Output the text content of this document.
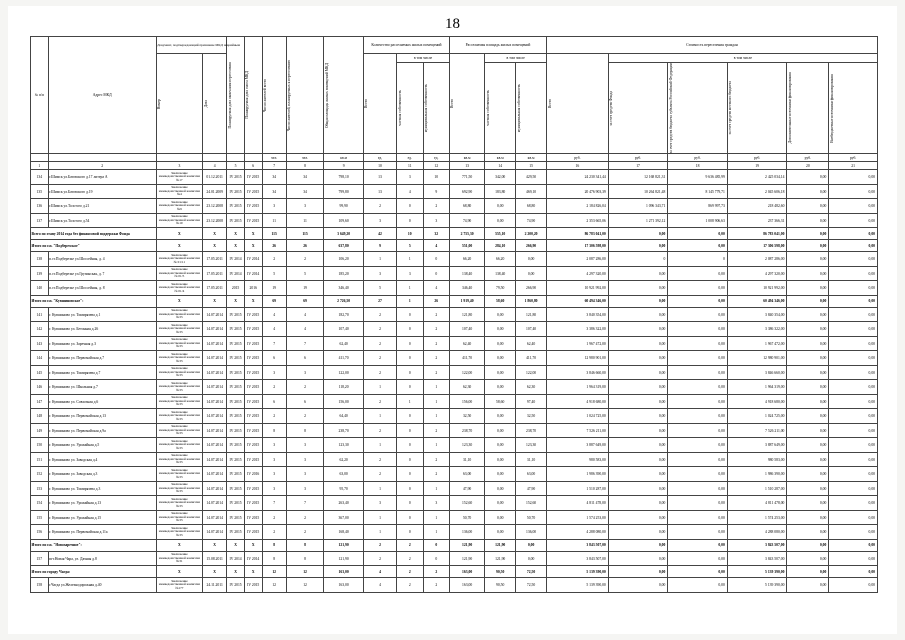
18
№ п/п	Адрес МКД	Документ, подтверждающий признание МКД аварийным		Планируемая дата окончания переселения	Планируемая дата сноса МКД	Число жителей всего	Число жителей, планируемых к переселению	Общая площадь жилых помещений МКД	Количество расселяемых жилых помещений			Расселяемая площадь жилых помещений			Стоимость переселения граждан					

		Номер	Дата						Всего	в том числе		Всего	в том числе		Всего	в том числе				

										частная собственность	муниципальная собственность		частная собственность	муниципальная собственность		за счет средств Фонда	за счет средств бюджета субъекта Российской Федерации	за счет средств местного бюджета	Дополнительные источники финансирования	Внебюджетные источники финансирования

						чел.	чел.	кв.м	ед.	ед.	ед.	кв.м	кв.м	кв.м	руб.	руб.	руб.	руб.	руб.	руб.
1	2	3	4	5	6	7	8	9	10	11	12	13	14	15	16	17	18	19	20	21
134	г.Шимск ул.Батовского д.17 литера А	Заключение межведомственной комиссии №17	01.12.2011	IV 2015	IV 2015	34	34	798,10	13	3	10	771,50	342,00	429,50	24 230 341,44	12 168 821,31	9 636 485,99	2 425 034,14	0,00	0,00
135	г.Шимск ул.Батовского д.19	Заключение межведомственной комиссии №4	24.01.2009	IV 2015	IV 2015	34	34	799,80	13	4	9	692,90	183,80	469,10	20 476 903,39	10 264 821,48	8 145 779,71	2 045 606,18	0,00	0,00
136	г.Шимск ул.Толстого д.21	Заключение межведомственной комиссии №9	23.12.2008	IV 2015	IV 2015	3	3	99,90	2	0	2	68,80	0,00	68,80	2 184 826,04	1 096 343,71	869 997,73	218 482,60	0,00	0,00
137	г.Шимск ул.Толстого д.54	Заключение межведомственной комиссии №10	23.12.2008	IV 2015	IV 2015	11	11	109,60	3	0	3	74,90	0,00	74,90	2 353 665,06	1 271 392,12	1 008 906,63	237 366,31	0,00	0,00
Всего по этапу 2014 года без финансовой поддержки Фонда		X	X	X	X	115	115	3 649,20	42	10	32	2 755,30	555,10	2 200,20	86 783 041,00	0,00	0,00	86 783 041,00	0,00	0,00
Итого по г.п. "Подберезское"		X	X	X	X	26	26	637,80	9	5	4	551,00	284,10	266,90	17 306 598,00	0,00	0,00	17 306 598,00	0,00	0,00
138	п.ст.Подберезье ул.Шоссейная, д. 4	Заключение межведомственной комиссии № 01/11	17.05.2011	IV 2014	IV 2014	2	2	106,20	1	1	0	66,20	66,20	0,00	2 087 286,00	0	0	2 087 286,00	0,00	0,00
139	п.ст.Подберезье ул.Грузинская, д. 7	Заключение межведомственной комиссии № 01/5	17.05.2011	IV 2014	IV 2014	5	5	185,20	3	3	0	138,40	138,40	0,00	4 297 320,00	0,00	0,00	4 297 320,00	0,00	0,00
140	п.ст.Подберезье ул.Шоссейная, д. 8	Заключение межведомственной комиссии № 01/4	17.05.2011	2015	2016	19	19	346,40	5	1	4	346,40	79,50	266,90	10 921 992,00	0,00	0,00	10 921 992,00	0,00	0,00
Итого по г.п. "Кувшиновское":		X	X	X	X	69	69	2 726,50	27	1	26	1 919,40	58,60	1 860,80	60 494 346,00	0,00	0,00	60 494 346,00	0,00	0,00
141	г. Кувшиново ул. Тимирязева д.1	Заключение межведомственной комиссии №33	14.07.2014	IV 2015	IV 2015	4	4	182,70	2	0	2	121,80	0,00	121,80	3 840 354,00	0,00	0,00	3 840 354,00	0,00	0,00
142	г. Кувшиново ул. Бетонная д.26	Заключение межведомственной комиссии №33	14.07.2014	IV 2015	IV 2015	4	4	107,40	2	0	2	107,40	0,00	107,40	3 386 322,00	0,00	0,00	3 386 322,00	0,00	0,00
143	г. Кувшиново ул. Заречная д.3	Заключение межведомственной комиссии №33	14.07.2014	IV 2015	IV 2015	7	7	62,40	2	0	2	62,40	0,00	62,40	1 967 472,00	0,00	0,00	1 967 472,00	0,00	0,00
144	г. Кувшиново ул. Первомайская д.7	Заключение межведомственной комиссии №33	14.07.2014	IV 2015	IV 2015	6	6	411,70	2	0	2	411,70	0,00	411,70	12 980 901,00	0,00	0,00	12 980 901,00	0,00	0,00
145	г. Кувшиново ул. Тимирязева д.7	Заключение межведомственной комиссии №33	14.07.2014	IV 2015	IV 2015	3	3	122,00	2	0	2	122,00	0,00	122,00	3 846 660,00	0,00	0,00	3 846 660,00	0,00	0,00
146	г. Кувшиново ул. Школьная д.7	Заключение межведомственной комиссии №33	14.07.2014	IV 2015	IV 2015	2	2	118,20	1	0	1	62,30	0,00	62,30	1 964 319,00	0,00	0,00	1 964 319,00	0,00	0,00
147	г. Кувшиново ул. Совхозная д.6	Заключение межведомственной комиссии №33	14.07.2014	IV 2015	IV 2015	6	6	156,00	2	1	1	156,00	58,60	97,40	4 918 680,00	0,00	0,00	4 918 680,00	0,00	0,00
148	г. Кувшиново ул. Первомайская д.13	Заключение межведомственной комиссии №33	14.07.2014	IV 2015	IV 2015	2	2	64,40	1	0	1	32,50	0,00	32,50	1 024 725,00	0,00	0,00	1 024 725,00	0,00	0,00
149	г. Кувшиново ул. Первомайская д.9а	Заключение межведомственной комиссии №33	14.07.2014	IV 2015	IV 2015	8	8	238,70	2	0	2	238,70	0,00	238,70	7 526 211,00	0,00	0,00	7 526 211,00	0,00	0,00
150	г. Кувшиново ул. Урожайная д.5	Заключение межведомственной комиссии №33	14.07.2014	IV 2015	IV 2015	3	3	123,30	1	0	1	123,30	0,00	123,30	3 887 649,00	0,00	0,00	3 887 649,00	0,00	0,00
151	г. Кувшиново ул. Заводская д.4	Заключение межведомственной комиссии №33	14.07.2014	IV 2015	IV 2015	3	3	62,20	2	0	2	31,10	0,00	31,10	980 583,00	0,00	0,00	980 583,00	0,00	0,00
152	г. Кувшиново ул. Заводская д.3	Заключение межведомственной комиссии №33	14.07.2014	IV 2015	IV 2016	3	3	63,00	2	0	2	63,00	0,00	63,00	1 986 390,00	0,00	0,00	1 986 390,00	0,00	0,00
153	г. Кувшиново ул. Тимирязева д.3	Заключение межведомственной комиссии №33	14.07.2014	IV 2015	IV 2015	3	3	95,70	1	0	1	47,90	0,00	47,90	1 510 287,00	0,00	0,00	1 510 287,00	0,00	0,00
154	г. Кувшиново ул. Урожайная д.13	Заключение межведомственной комиссии №33	14.07.2014	IV 2015	IV 2015	7	7	263,40	3	0	3	152,60	0,00	152,60	4 811 478,00	0,00	0,00	4 811 478,00	0,00	0,00
155	г. Кувшиново ул. Урожайная д.15	Заключение межведомственной комиссии №33	14.07.2014	IV 2015	IV 2015	2	2	367,00	1	0	1	50,70	0,00	50,70	1 574 253,00	0,00	0,00	1 574 253,00	0,00	0,00
156	г. Кувшиново ул. Первомайская д.11а	Заключение межведомственной комиссии №33	14.07.2014	IV 2015	IV 2015	2	2	168,40	1	0	1	136,00	0,00	136,00	4 288 080,00	0,00	0,00	4 288 080,00	0,00	0,00
Итого по г.п. "Новозаречное":		X	X	X	X	8	8	121,90	2	2	0	121,90	121,90	0,00	3 843 507,00	0,00	0,00	3 843 507,00	0,00	0,00
157	пгт.Новая Чара, ул. Дачная д.8	Заключение межведомственной комиссии №31	15.08.2011	IV 2014	IV 2014	8	8	121,90	2	2	0	121,90	121,90	0,00	3 843 507,00	0,00	0,00	3 843 507,00	0,00	0,00
Итого по городу Чагда:		X	X	X	X	12	12	163,00	4	2	2	163,00	90,50	72,50	5 139 390,00	0,00	0,00	5 139 390,00	0,00	0,00
158	г.Чагда ул.Железнодорожная д.40	Заключение межведомственной комиссии №177	24.11.2011	IV 2015	IV 2015	12	12	163,00	4	2	2	163,00	90,50	72,50	5 139 390,00	0,00	0,00	5 139 390,00	0,00	0,00
